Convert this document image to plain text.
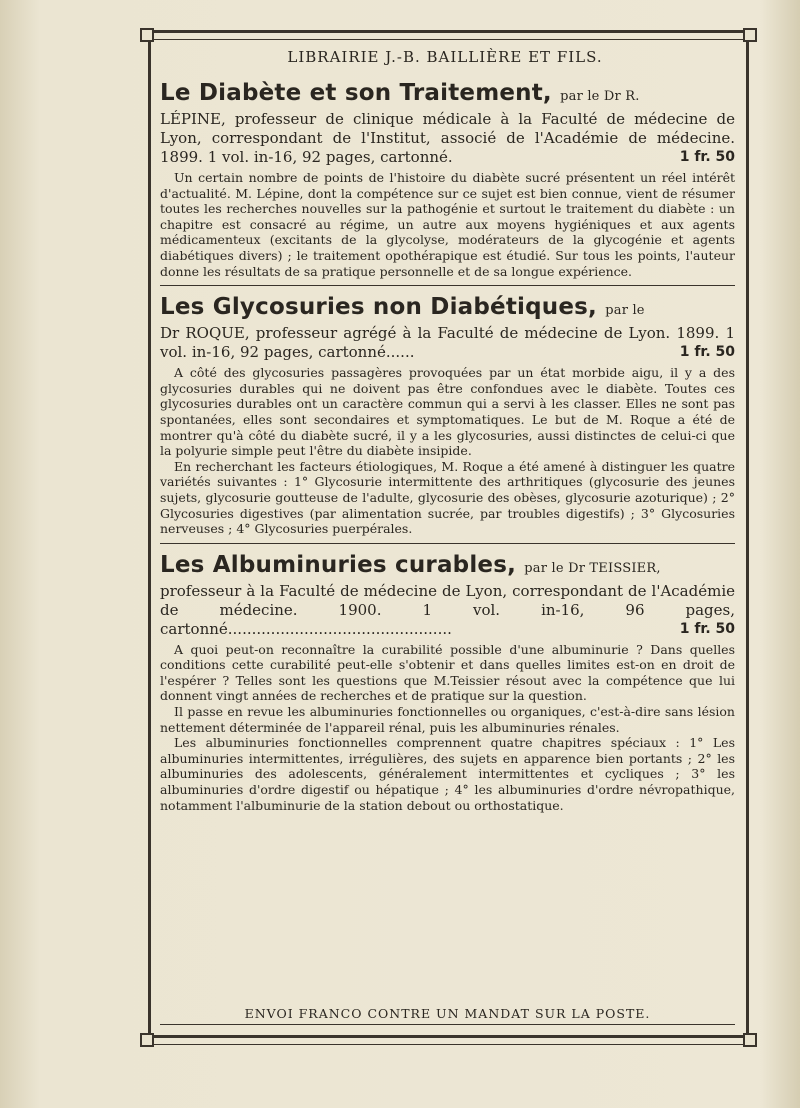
LIBRAIRIE J.-B. BAILLIÈRE ET FILS.
Le Diabète et son Traitement, par le Dr R.

LÉPINE, professeur de clinique médicale à la Faculté de médecine de Lyon, correspondant de l'Institut, associé de l'Académie de médecine. 1899. 1 vol. in-16, 92 pages, cartonné.	1 fr. 50

Un certain nombre de points de l'histoire du diabète sucré présentent un réel intérêt d'actualité. M. Lépine, dont la compétence sur ce sujet est bien connue, vient de résumer toutes les recherches nouvelles sur la pathogénie et surtout le traitement du diabète : un chapitre est consacré au régime, un autre aux moyens hygiéniques et aux agents médicamenteux (excitants de la glycolyse, modérateurs de la glycogénie et agents diabétiques divers) ; le traitement opothérapique est étudié. Sur tous les points, l'auteur donne les résultats de sa pratique personnelle et de sa longue expérience.

Les Glycosuries non Diabétiques, par le

Dr ROQUE, professeur agrégé à la Faculté de médecine de Lyon. 1899. 1 vol. in-16, 92 pages, cartonné......	1 fr. 50

A côté des glycosuries passagères provoquées par un état morbide aigu, il y a des glycosuries durables qui ne doivent pas être confondues avec le diabète. Toutes ces glycosuries durables ont un caractère commun qui a servi à les classer. Elles ne sont pas spontanées, elles sont secondaires et symptomatiques. Le but de M. Roque a été de montrer qu'à côté du diabète sucré, il y a les glycosuries, aussi distinctes de celui-ci que la polyurie simple peut l'être du diabète insipide.

En recherchant les facteurs étiologiques, M. Roque a été amené à distinguer les quatre variétés suivantes : 1° Glycosurie intermittente des arthritiques (glycosurie des jeunes sujets, glycosurie goutteuse de l'adulte, glycosurie des obèses, glycosurie azoturique) ; 2° Glycosuries digestives (par alimentation sucrée, par troubles digestifs) ; 3° Glycosuries nerveuses ; 4° Glycosuries puerpérales.

Les Albuminuries curables, par le Dr TEISSIER,

professeur à la Faculté de médecine de Lyon, correspondant de l'Académie de médecine. 1900. 1 vol. in-16, 96 pages, cartonné...............................................	1 fr. 50

A quoi peut-on reconnaître la curabilité possible d'une albuminurie ? Dans quelles conditions cette curabilité peut-elle s'obtenir et dans quelles limites est-on en droit de l'espérer ? Telles sont les questions que M.Teissier résout avec la compétence que lui donnent vingt années de recherches et de pratique sur la question.

Il passe en revue les albuminuries fonctionnelles ou organiques, c'est-à-dire sans lésion nettement déterminée de l'appareil rénal, puis les albuminuries rénales.

Les albuminuries fonctionnelles comprennent quatre chapitres spéciaux : 1° Les albuminuries intermittentes, irrégulières, des sujets en apparence bien portants ; 2° les albuminuries des adolescents, généralement intermittentes et cycliques ; 3° les albuminuries d'ordre digestif ou hépatique ; 4° les albuminuries d'ordre névropathique, notamment l'albuminurie de la station debout ou orthostatique.

ENVOI FRANCO CONTRE UN MANDAT SUR LA POSTE.
